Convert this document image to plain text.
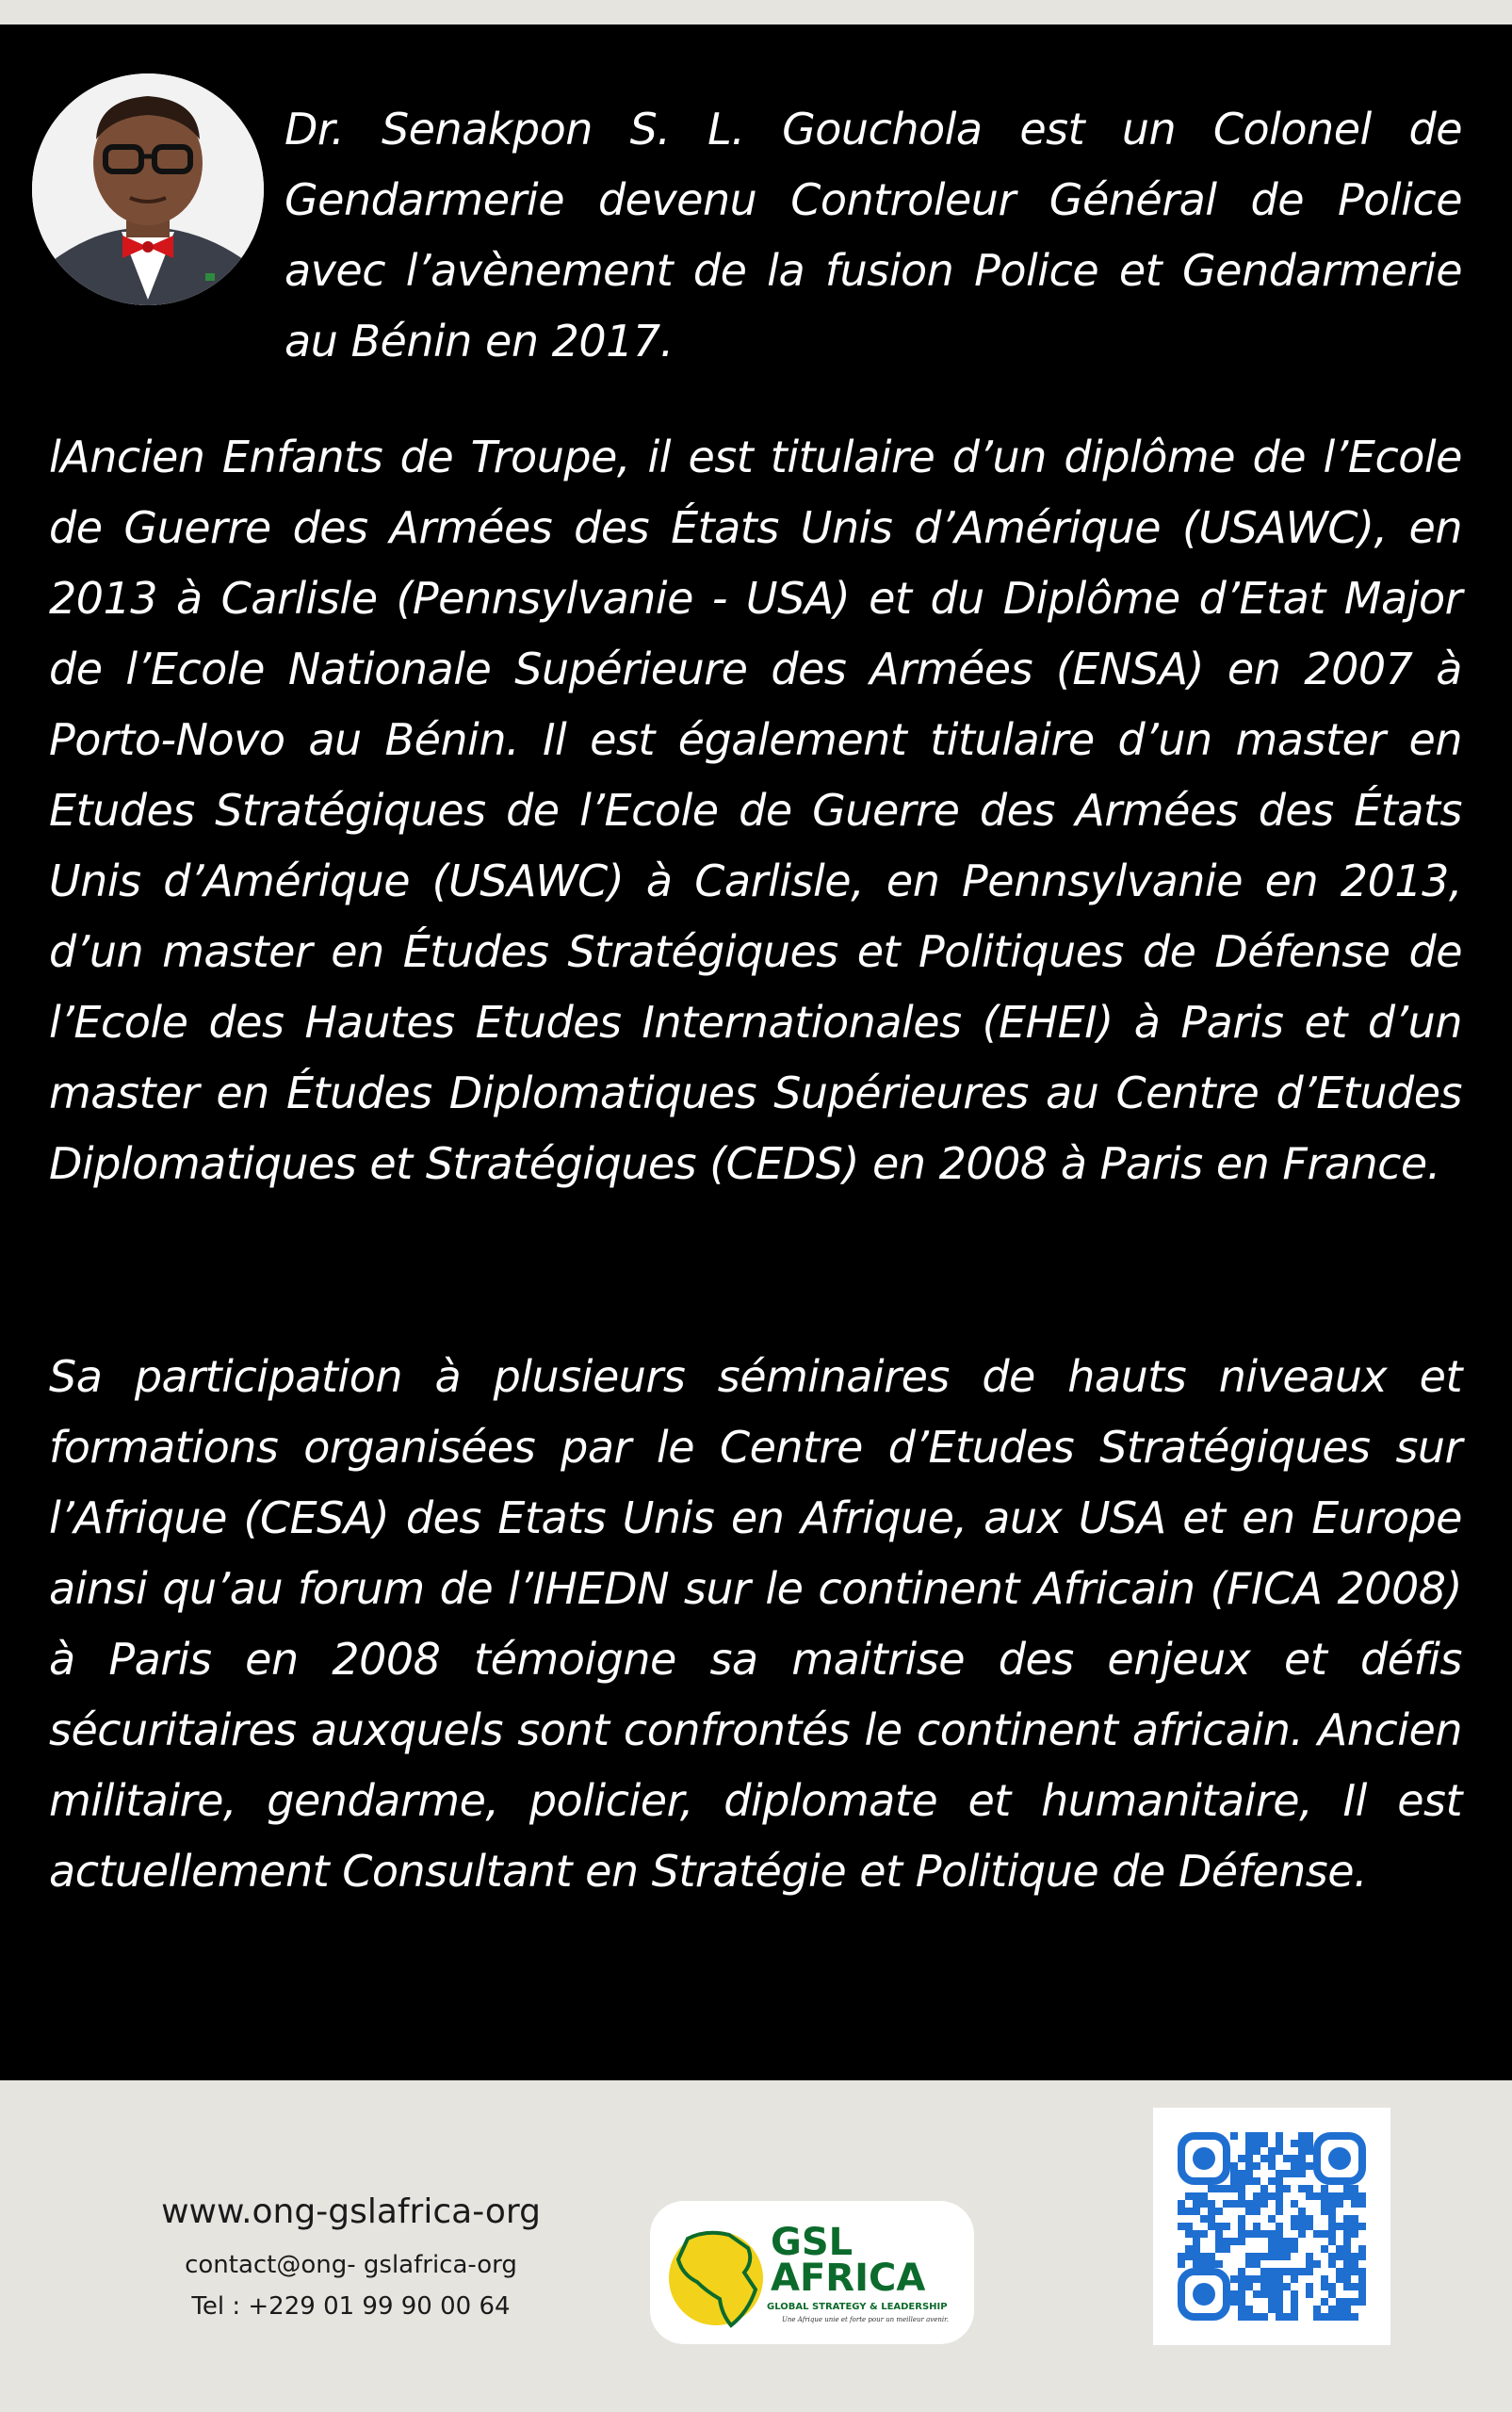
Dr. Senakpon S. L. Gouchola est un Colonel de Gendarmerie devenu Controleur Général de Police avec l’avènement de la fusion Police et Gendarmerie au Bénin en 2017.

lAncien Enfants de Troupe, il est titulaire d’un diplôme de l’Ecole de Guerre des Armées des États Unis d’Amérique (USAWC), en 2013 à Carlisle (Pennsylvanie - USA) et du Diplôme d’Etat Major de l’Ecole Nationale Supérieure des Armées (ENSA) en 2007 à Porto-Novo au Bénin. Il est également titulaire d’un master en Etudes Stratégiques de l’Ecole de Guerre des Armées des États Unis d’Amérique (USAWC) à Carlisle, en Pennsylvanie en 2013, d’un master en Études Stratégiques et Politiques de Défense de l’Ecole des Hautes Etudes Internationales (EHEI) à Paris et d’un master en Études Diplomatiques Supérieures au Centre d’Etudes Diplomatiques et Stratégiques (CEDS) en 2008 à Paris en France.

Sa participation à plusieurs séminaires de hauts niveaux et formations organisées par le Centre d’Etudes Stratégiques sur l’Afrique (CESA) des Etats Unis en Afrique, aux USA et en Europe ainsi qu’au forum de l’IHEDN sur le continent Africain (FICA 2008) à Paris en 2008 témoigne sa maitrise des enjeux et défis sécuritaires auxquels sont confrontés le continent africain. Ancien militaire, gendarme, policier, diplomate et humanitaire, Il est actuellement Consultant en Stratégie et Politique de Défense.

www.ong-gslafrica-org
contact@ong- gslafrica-org
Tel : +229 01 99 90 00 64
GSL
AFRICA
GLOBAL STRATEGY & LEADERSHIP
Une Afrique unie et forte pour un meilleur avenir.
